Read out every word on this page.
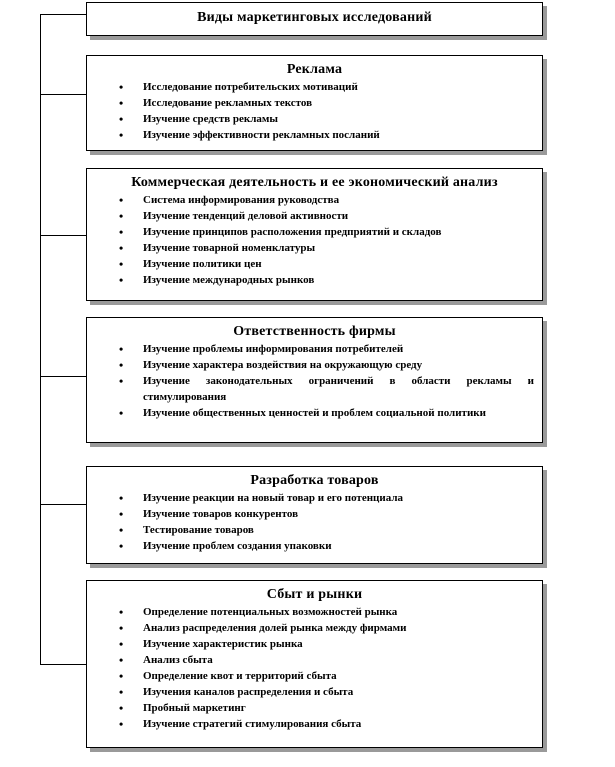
Виды маркетинговых исследований
Реклама
• Исследование потребительских мотиваций
• Исследование рекламных текстов
• Изучение средств рекламы
• Изучение эффективности рекламных посланий
Коммерческая деятельность и ее экономический анализ
• Система информирования руководства
• Изучение тенденций деловой активности
• Изучение принципов расположения предприятий и складов
• Изучение товарной номенклатуры
• Изучение политики цен
• Изучение международных рынков
Ответственность фирмы
• Изучение проблемы информирования потребителей
• Изучение характера воздействия на окружающую среду
• Изучение законодательных ограничений в области рекламы и стимулирования
• Изучение общественных ценностей и проблем социальной политики
Разработка товаров
• Изучение реакции на новый товар и его потенциала
• Изучение товаров конкурентов
• Тестирование товаров
• Изучение проблем создания упаковки
Сбыт и рынки
• Определение потенциальных возможностей рынка
• Анализ распределения долей рынка между фирмами
• Изучение характеристик рынка
• Анализ сбыта
• Определение квот и территорий сбыта
• Изучения каналов распределения и сбыта
• Пробный маркетинг
• Изучение стратегий стимулирования сбыта
